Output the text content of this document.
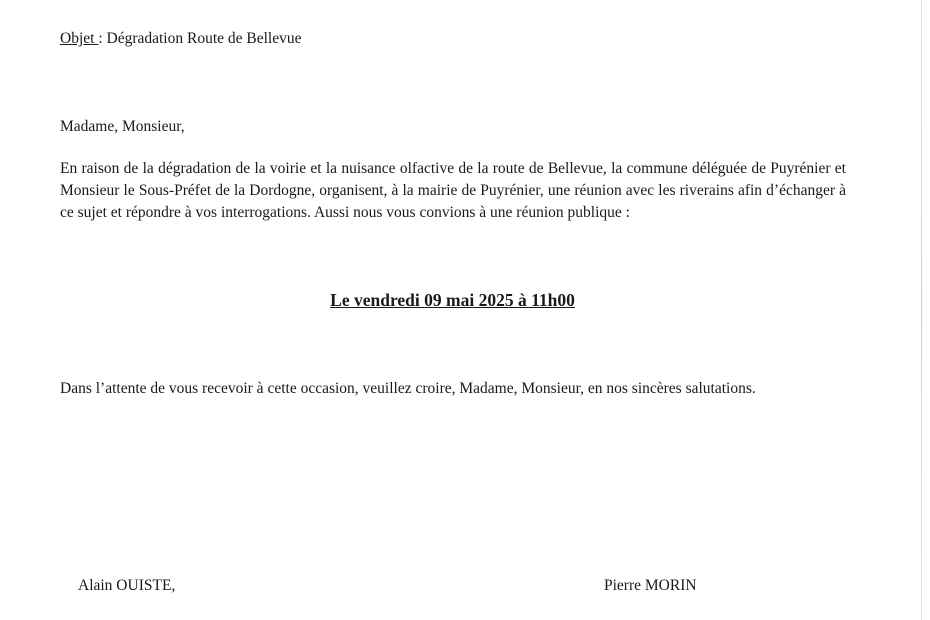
Objet : Dégradation Route de Bellevue
Madame, Monsieur,
En raison de la dégradation de la voirie et la nuisance olfactive de la route de Bellevue, la commune déléguée de Puyrénier et Monsieur le Sous-Préfet de la Dordogne, organisent, à la mairie de Puyrénier, une réunion avec les riverains afin d’échanger à ce sujet et répondre à vos interrogations. Aussi nous vous convions à une réunion publique :
Le vendredi 09 mai 2025 à 11h00
Dans l’attente de vous recevoir à cette occasion, veuillez croire, Madame, Monsieur, en nos sincères salutations.
Alain OUISTE,	Pierre MORIN
